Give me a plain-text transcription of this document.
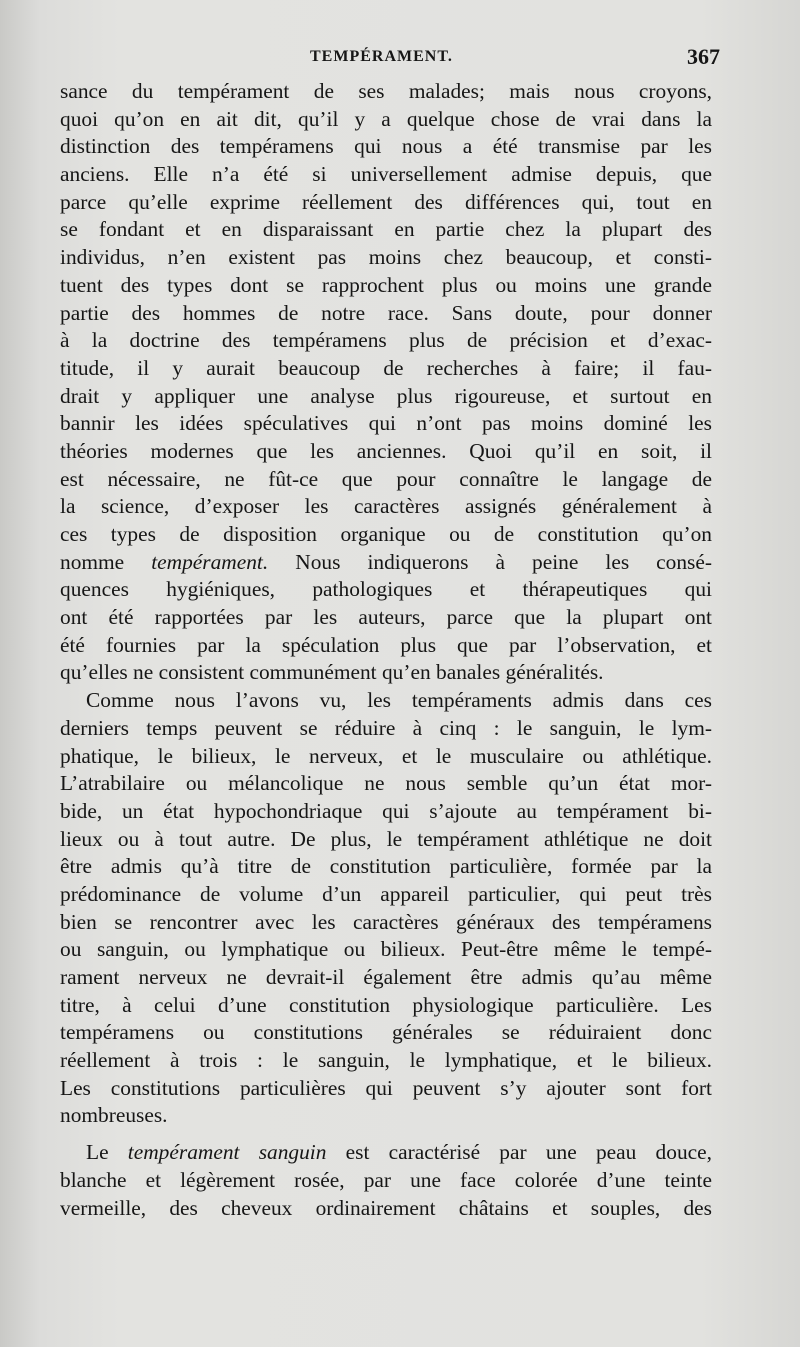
TEMPÉRAMENT.	367
sance du tempérament de ses malades; mais nous croyons,
quoi qu’on en ait dit, qu’il y a quelque chose de vrai dans la
distinction des tempéramens qui nous a été transmise par les
anciens. Elle n’a été si universellement admise depuis, que
parce qu’elle exprime réellement des différences qui, tout en
se fondant et en disparaissant en partie chez la plupart des
individus, n’en existent pas moins chez beaucoup, et consti-
tuent des types dont se rapprochent plus ou moins une grande
partie des hommes de notre race. Sans doute, pour donner
à la doctrine des tempéramens plus de précision et d’exac-
titude, il y aurait beaucoup de recherches à faire; il fau-
drait y appliquer une analyse plus rigoureuse, et surtout en
bannir les idées spéculatives qui n’ont pas moins dominé les
théories modernes que les anciennes. Quoi qu’il en soit, il
est nécessaire, ne fût-ce que pour connaître le langage de
la science, d’exposer les caractères assignés généralement à
ces types de disposition organique ou de constitution qu’on
nomme tempérament. Nous indiquerons à peine les consé-
quences hygiéniques, pathologiques et thérapeutiques qui
ont été rapportées par les auteurs, parce que la plupart ont
été fournies par la spéculation plus que par l’observation, et
qu’elles ne consistent communément qu’en banales généralités.
Comme nous l’avons vu, les tempéraments admis dans ces
derniers temps peuvent se réduire à cinq : le sanguin, le lym-
phatique, le bilieux, le nerveux, et le musculaire ou athlétique.
L’atrabilaire ou mélancolique ne nous semble qu’un état mor-
bide, un état hypochondriaque qui s’ajoute au tempérament bi-
lieux ou à tout autre. De plus, le tempérament athlétique ne doit
être admis qu’à titre de constitution particulière, formée par la
prédominance de volume d’un appareil particulier, qui peut très
bien se rencontrer avec les caractères généraux des tempéramens
ou sanguin, ou lymphatique ou bilieux. Peut-être même le tempé-
rament nerveux ne devrait-il également être admis qu’au même
titre, à celui d’une constitution physiologique particulière. Les
tempéramens ou constitutions générales se réduiraient donc
réellement à trois : le sanguin, le lymphatique, et le bilieux.
Les constitutions particulières qui peuvent s’y ajouter sont fort
nombreuses.
Le tempérament sanguin est caractérisé par une peau douce,
blanche et légèrement rosée, par une face colorée d’une teinte
vermeille, des cheveux ordinairement châtains et souples, des
